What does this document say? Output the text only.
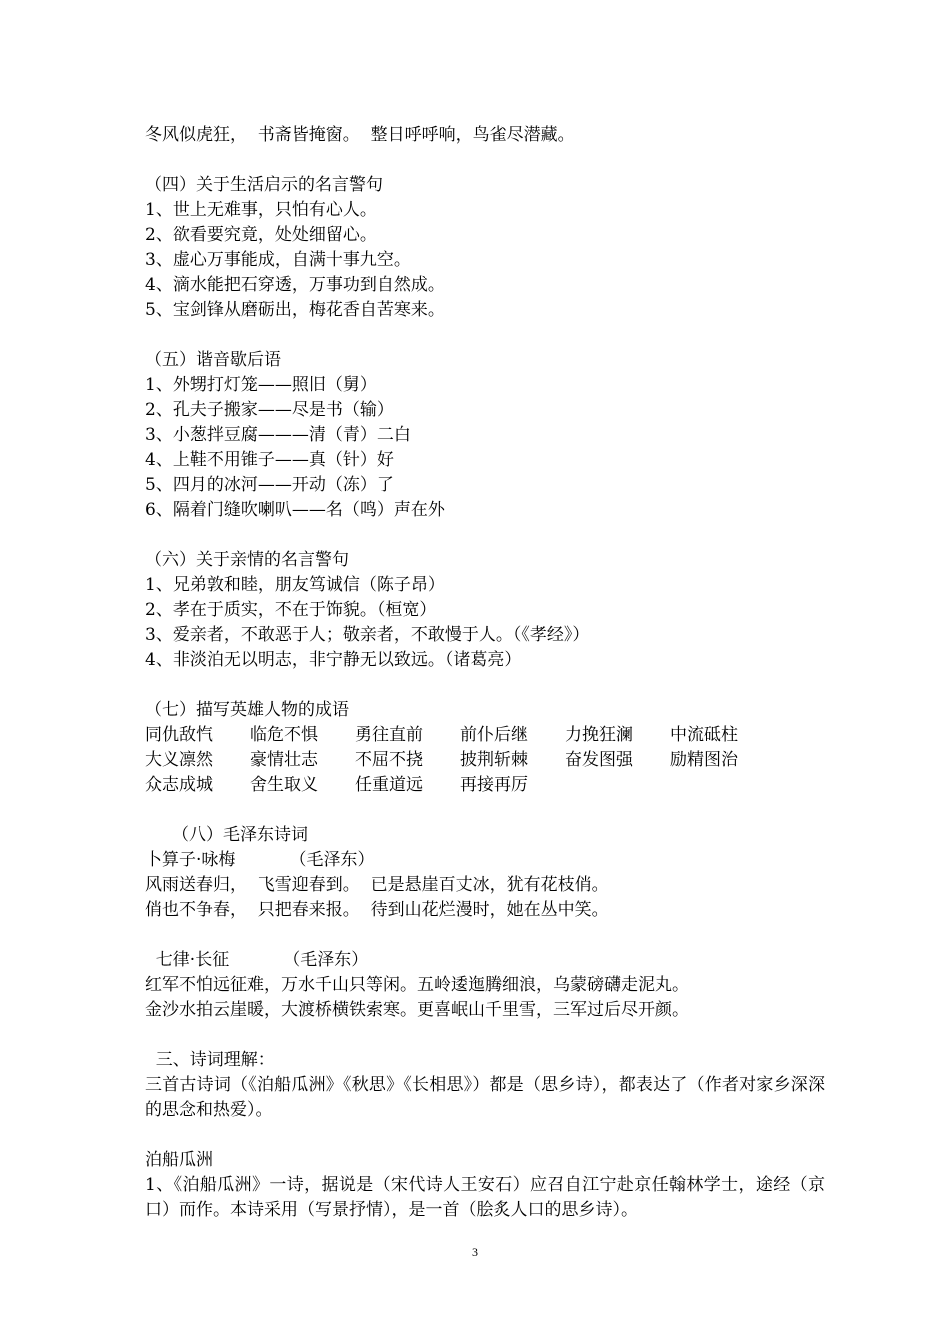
冬风似虎狂，  书斋皆掩窗。  整日呼呼响，鸟雀尽潜藏。
（四）关于生活启示的名言警句
1、世上无难事，只怕有心人。
2、欲看要究竟，处处细留心。
3、虚心万事能成，自满十事九空。
4、滴水能把石穿透，万事功到自然成。
5、宝剑锋从磨砺出，梅花香自苦寒来。
（五）谐音歇后语
1、外甥打灯笼——照旧（舅）
2、孔夫子搬家——尽是书（输）
3、小葱拌豆腐———清（青）二白
4、上鞋不用锥子——真（针）好
5、四月的冰河——开动（冻）了
6、隔着门缝吹喇叭——名（鸣）声在外
（六）关于亲情的名言警句
1、兄弟敦和睦，朋友笃诚信（陈子昂）
2、孝在于质实，不在于饰貌。（桓宽）
3、爱亲者，不敢恶于人；敬亲者，不敢慢于人。（《孝经》）
4、非淡泊无以明志，非宁静无以致远。（诸葛亮）
（七）描写英雄人物的成语
同仇敌忾	临危不惧	勇往直前	前仆后继	力挽狂澜	中流砥柱
大义凛然	豪情壮志	不屈不挠	披荆斩棘	奋发图强	励精图治
众志成城	舍生取义	任重道远	再接再厉
（八）毛泽东诗词
卜算子·咏梅          （毛泽东）
风雨送春归，  飞雪迎春到。  已是悬崖百丈冰，犹有花枝俏。
俏也不争春，  只把春来报。  待到山花烂漫时，她在丛中笑。
七律·长征          （毛泽东）
红军不怕远征难，万水千山只等闲。五岭逶迤腾细浪，乌蒙磅礴走泥丸。
金沙水拍云崖暖，大渡桥横铁索寒。更喜岷山千里雪，三军过后尽开颜。
三、诗词理解：
三首古诗词（《泊船瓜洲》《秋思》《长相思》）都是（思乡诗），都表达了（作者对家乡深深的思念和热爱）。
泊船瓜洲
1、《泊船瓜洲》一诗，据说是（宋代诗人王安石）应召自江宁赴京任翰林学士，途经（京口）而作。本诗采用（写景抒情），是一首（脍炙人口的思乡诗）。
3
